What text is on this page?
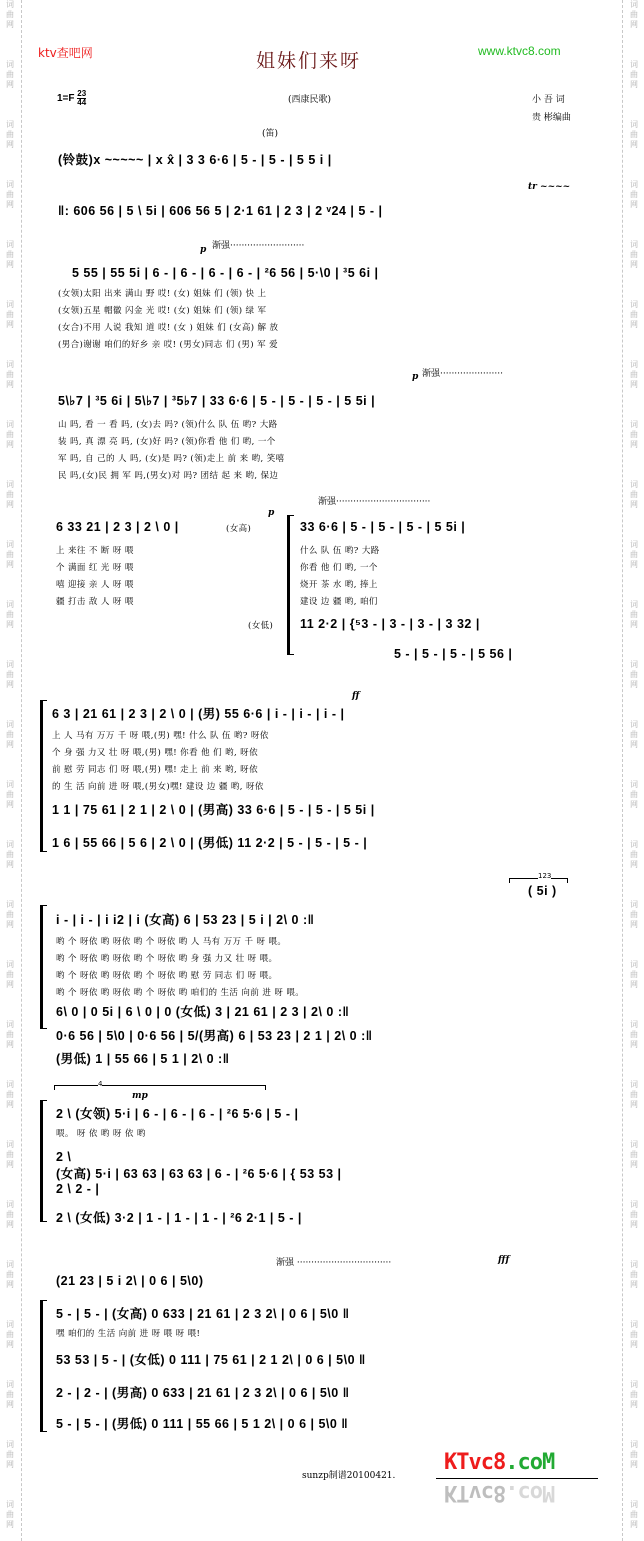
词
曲
网
词
曲
网
词
曲
网
词
曲
网
词
曲
网
词
曲
网
词
曲
网
词
曲
网
词
曲
网
词
曲
网
词
曲
网
词
曲
网
词
曲
网
词
曲
网
词
曲
网
词
曲
网
词
曲
网
词
曲
网
词
曲
网
词
曲
网
词
曲
网
词
曲
网
词
曲
网
词
曲
网
词
曲
网
词
曲
网
词
曲
网
词
曲
网
词
曲
网
词
曲
网
词
曲
网
词
曲
网
词
曲
网
词
曲
网
词
曲
网
词
曲
网
词
曲
网
词
曲
网
词
曲
网
词
曲
网
词
曲
网
词
曲
网
词
曲
网
词
曲
网
词
曲
网
词
曲
网
词
曲
网
词
曲
网
词
曲
网
词
曲
网
词
曲
网
词
曲
网
ktv查吧网	姐妹们来呀	www.ktvc8.com
$1=F \frac{2}{4} \frac{3}{4}$	(西康民歌)	小 吾 词
贵 彬编曲
(笛)
(铃鼓)x ~~~~~ | x x̂ | 3 3 6·6 | 5 - | 5 - | 5 5 i |
tr ~~~~
‖: 606 56 | 5 \ 5i | 606 56 5 | 2·1 61 | 2 3 | 2 ᵛ24 | 5 - |
p 渐强··························
5 55 | 55 5i | 6 - | 6 - | 6 - | 6 - | ²6 56 | 5·\0 | ³5 6i |
(女领)太阳 出来 满山 野 哎! (女) 姐妹 们 (领) 快 上
(女领)五星 帽徽 闪金 光 哎! (女) 姐妹 们 (领) 绿 军
(女合)不用 人说 我知 道 哎! (女 ) 姐妹 们 (女高) 解 放
(男合)谢谢 咱们的好乡 亲 哎! (男女)同志 们 (男) 军 爱
p 渐强······················
5\♭7 | ³5 6i | 5\♭7 | ³5♭7 | 33 6·6 | 5 - | 5 - | 5 - | 5 5i |
山 吗, 看 一 看 吗, (女)去 吗? (领)什么 队 伍 哟? 大路
装 吗, 真 漂 亮 吗, (女)好 吗? (领)你看 他 们 哟, 一个
军 吗, 自 己的 人 吗, (女)是 吗? (领)走上 前 来 哟, 笑嘻
民 吗,(女)民 拥 军 吗,(男女)对 吗? 团结 起 来 哟, 保边
渐强·································
p
6 33 21 | 2 3 | 2 \ 0 |	(女高)	33 6·6 | 5 - | 5 - | 5 - | 5 5i |
上 来往 不 断 呀 喂
个 满面 红 光 呀 喂
嘻 迎接 亲 人 呀 喂
疆 打击 敌 人 呀 喂
什么 队 伍 哟? 大路
你看 他 们 哟, 一个
烧开 茶 水 哟, 捧上
建设 边 疆 哟, 咱们
(女低) 11 2·2 | {⁵3 - | 3 - | 3 - | 3 32 |
5 - | 5 - | 5 - | 5 56 |
ff
6 3 | 21 61 | 2 3 | 2 \ 0 | (男) 55 6·6 | i - | i - | i - |
上 人 马有 万万 千 呀 喂,(男) 嘿! 什么 队 伍 哟? 呀依
个 身 强 力又 壮 呀 喂,(男) 嘿! 你看 他 们 哟, 呀依
前 慰 劳 同志 们 呀 喂,(男) 嘿! 走上 前 来 哟, 呀依
的 生 活 向前 进 呀 喂,(男女)嘿! 建设 边 疆 哟, 呀依
1 1 | 75 61 | 2 1 | 2 \ 0 | (男高) 33 6·6 | 5 - | 5 - | 5 5i |
1 6 | 55 66 | 5 6 | 2 \ 0 | (男低) 11 2·2 | 5 - | 5 - | 5 - |
123
( 5i )
i - | i - | i i2 | i (女高) 6 | 53 23 | 5 i | 2\ 0 :‖
哟 个 呀依 哟 呀依 哟 个 呀依 哟 人 马有 万万 千 呀 喂。
哟 个 呀依 哟 呀依 哟 个 呀依 哟 身 强 力又 壮 呀 喂。
哟 个 呀依 哟 呀依 哟 个 呀依 哟 慰 劳 同志 们 呀 喂。
哟 个 呀依 哟 呀依 哟 个 呀依 哟 咱们的 生活 向前 进 呀 喂。
6\ 0 | 0 5i | 6 \ 0 | 0 (女低) 3 | 21 61 | 2 3 | 2\ 0 :‖
0·6 56 | 5\0 | 0·6 56 | 5/(男高) 6 | 53 23 | 2 1 | 2\ 0 :‖
(男低) 1 | 55 66 | 5 1 | 2\ 0 :‖
4
mp
2 \ (女领) 5·i | 6 - | 6 - | 6 - | ²6 5·6 | 5 - |
喂。 呀 依 哟 呀 依 哟
2 \
(女高) 5·i | 63 63 | 63 63 | 6 - | ²6 5·6 | { 53 53 |
2 \ 2 - |
2 \ (女低) 3·2 | 1 - | 1 - | 1 - | ²6 2·1 | 5 - |
渐强 ·································	fff
(21 23 | 5 i 2\ | 0 6 | 5\0)
5 - | 5 - | (女高) 0 633 | 21 61 | 2 3 2\ | 0 6 | 5\0 ‖
嘿 咱们的 生活 向前 进 呀 喂 呀 喂!
53 53 | 5 - | (女低) 0 111 | 75 61 | 2 1 2\ | 0 6 | 5\0 ‖
2 - | 2 - | (男高) 0 633 | 21 61 | 2 3 2\ | 0 6 | 5\0 ‖
5 - | 5 - | (男低) 0 111 | 55 66 | 5 1 2\ | 0 6 | 5\0 ‖
sunzp制谱20100421.
KTvc8.coM
KTvc8.coM
